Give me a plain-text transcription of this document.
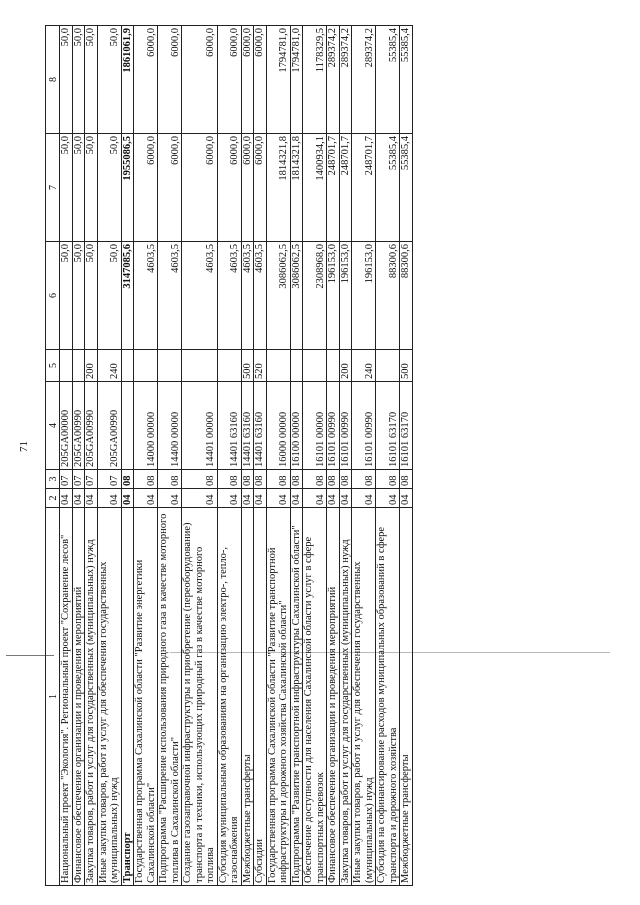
71
1	2	3	4	5	6	7	8
Национальный проект "Экология". Региональный проект "Сохранение лесов"	04	07	205GA00000		50,0	50,0	50,0
Финансовое обеспечение организации и проведения мероприятий	04	07	205GA00990		50,0	50,0	50,0
Закупка товаров, работ и услуг для государственных (муниципальных) нужд	04	07	205GA00990	200	50,0	50,0	50,0
Иные закупки товаров, работ и услуг для обеспечения государственных (муниципальных) нужд	04	07	205GA00990	240	50,0	50,0	50,0
Транспорт	04	08			3147085,6	1955086,5	1861061,9
Государственная программа Сахалинской области "Развитие энергетики Сахалинской области"	04	08	14000 00000		4603,5	6000,0	6000,0
Подпрограмма "Расширение использования природного газа в качестве моторного топлива в Сахалинской области"	04	08	14400 00000		4603,5	6000,0	6000,0
Создание газозаправочной инфраструктуры и приобретение (переоборудование) транспорта и техники, использующих природный газ в качестве моторного топлива	04	08	14401 00000		4603,5	6000,0	6000,0
Субсидия муниципальным образованиям на организацию электро-, тепло-, газоснабжения	04	08	14401 63160		4603,5	6000,0	6000,0
Межбюджетные трансферты	04	08	14401 63160	500	4603,5	6000,0	6000,0
Субсидии	04	08	14401 63160	520	4603,5	6000,0	6000,0
Государственная программа Сахалинской области "Развитие транспортной инфраструктуры и дорожного хозяйства Сахалинской области"	04	08	16000 00000		3086062,5	1814321,8	1794781,0
Подпрограмма "Развитие транспортной инфраструктуры Сахалинской области"	04	08	16100 00000		3086062,5	1814321,8	1794781,0
Обеспечение доступности для населения Сахалинской области услуг в сфере транспортных перевозок	04	08	16101 00000		2308968,0	1400934,1	1178329,5
Финансовое обеспечение организации и проведения мероприятий	04	08	16101 00990		196153,0	248701,7	289374,2
Закупка товаров, работ и услуг для государственных (муниципальных) нужд	04	08	16101 00990	200	196153,0	248701,7	289374,2
Иные закупки товаров, работ и услуг для обеспечения государственных (муниципальных) нужд	04	08	16101 00990	240	196153,0	248701,7	289374,2
Субсидия на софинансирование расходов муниципальных образований в сфере транспорта и дорожного хозяйства	04	08	16101 63170		88300,6	55385,4	55385,4
Межбюджетные трансферты	04	08	16101 63170	500	88300,6	55385,4	55385,4
